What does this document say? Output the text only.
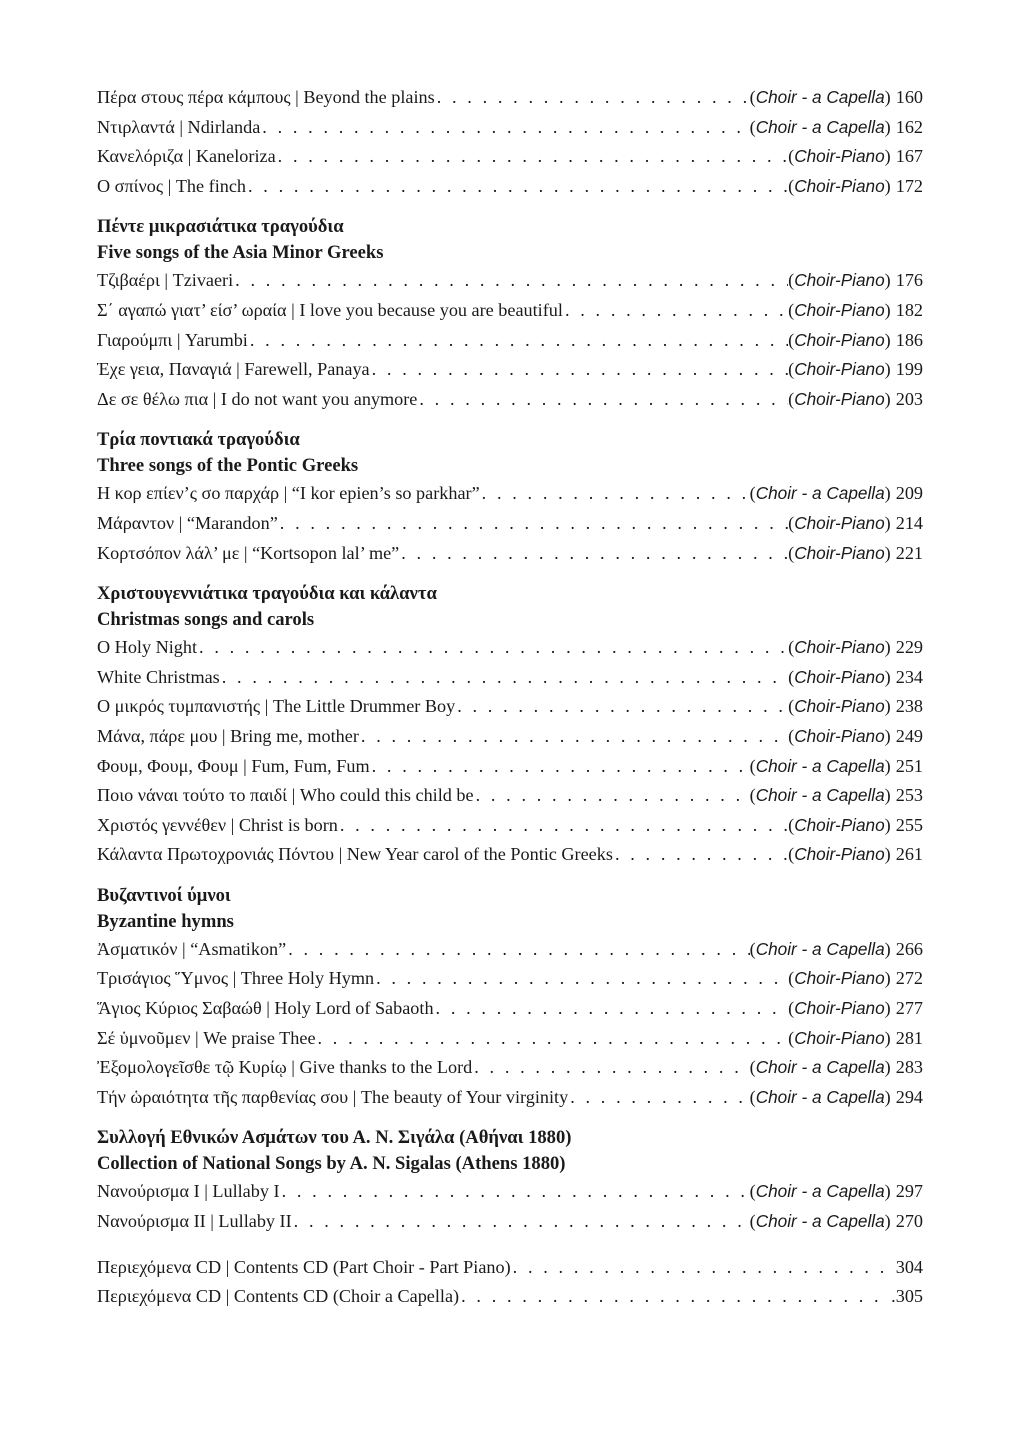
Πέρα στους πέρα κάμπους | Beyond the plains . . .	(Choir - a Capella) 160
Ντιρλαντά | Ndirlanda . . .	(Choir - a Capella) 162
Κανελόριζα | Kaneloriza . . .	(Choir-Piano) 167
Ο σπίνος | The finch . . .	(Choir-Piano) 172
Πέντε μικρασιάτικα τραγούδια
Five songs of the Asia Minor Greeks
Τζιβαέρι | Tzivaeri . . .	(Choir-Piano) 176
Σ΄ αγαπώ γιατ’ είσ’ ωραία | I love you because you are beautiful . . .	(Choir-Piano) 182
Γιαρούμπι | Yarumbi . . .	(Choir-Piano) 186
Έχε γεια, Παναγιά | Farewell, Panaya . . .	(Choir-Piano) 199
Δε σε θέλω πια | I do not want you anymore . . .	(Choir-Piano) 203
Τρία ποντιακά τραγούδια
Three songs of the Pontic Greeks
Η κορ επίεν’ς σο παρχάρ | “I kor epien’s so parkhar” . . .	(Choir - a Capella) 209
Μάραντον | “Marandon” . . .	(Choir-Piano) 214
Κορτσόπον λάλ’ με | “Kortsopon lal’ me” . . .	(Choir-Piano) 221
Χριστουγεννιάτικα τραγούδια και κάλαντα
Christmas songs and carols
O Holy Night . . .	(Choir-Piano) 229
White Christmas . . .	(Choir-Piano) 234
Ο μικρός τυμπανιστής | The Little Drummer Boy . . .	(Choir-Piano) 238
Μάνα, πάρε μου | Bring me, mother . . .	(Choir-Piano) 249
Φουμ, Φουμ, Φουμ | Fum, Fum, Fum . . .	(Choir - a Capella) 251
Ποιο νάναι τούτο το παιδί | Who could this child be . . .	(Choir - a Capella) 253
Χριστός γεννέθεν | Christ is born . . .	(Choir-Piano) 255
Κάλαντα Πρωτοχρονιάς Πόντου | New Year carol of the Pontic Greeks . . .	(Choir-Piano) 261
Βυζαντινοί ύμνοι
Byzantine hymns
Ἀσματικόν | “Asmatikon” . . .	(Choir - a Capella) 266
Τρισάγιος Ὕμνος | Three Holy Hymn . . .	(Choir-Piano) 272
Ἅγιος Κύριος Σαβαώθ | Holy Lord of Sabaoth . . .	(Choir-Piano) 277
Σέ ὑμνοῦμεν | We praise Thee . . .	(Choir-Piano) 281
Ἐξομολογεῖσθε τῷ Κυρίῳ | Give thanks to the Lord . . .	(Choir - a Capella) 283
Τήν ὡραιότητα τῆς παρθενίας σου | The beauty of Your virginity . . .	(Choir - a Capella) 294
Συλλογή Εθνικών Ασμάτων του Α. Ν. Σιγάλα (Αθήναι 1880)
Collection of National Songs by A. N. Sigalas (Athens 1880)
Νανούρισμα I | Lullaby I . . .	(Choir - a Capella) 297
Νανούρισμα II | Lullaby II . . .	(Choir - a Capella) 270
Περιεχόμενα CD | Contents CD (Part Choir - Part Piano) . . .	304
Περιεχόμενα CD | Contents CD (Choir a Capella) . . .	.305
